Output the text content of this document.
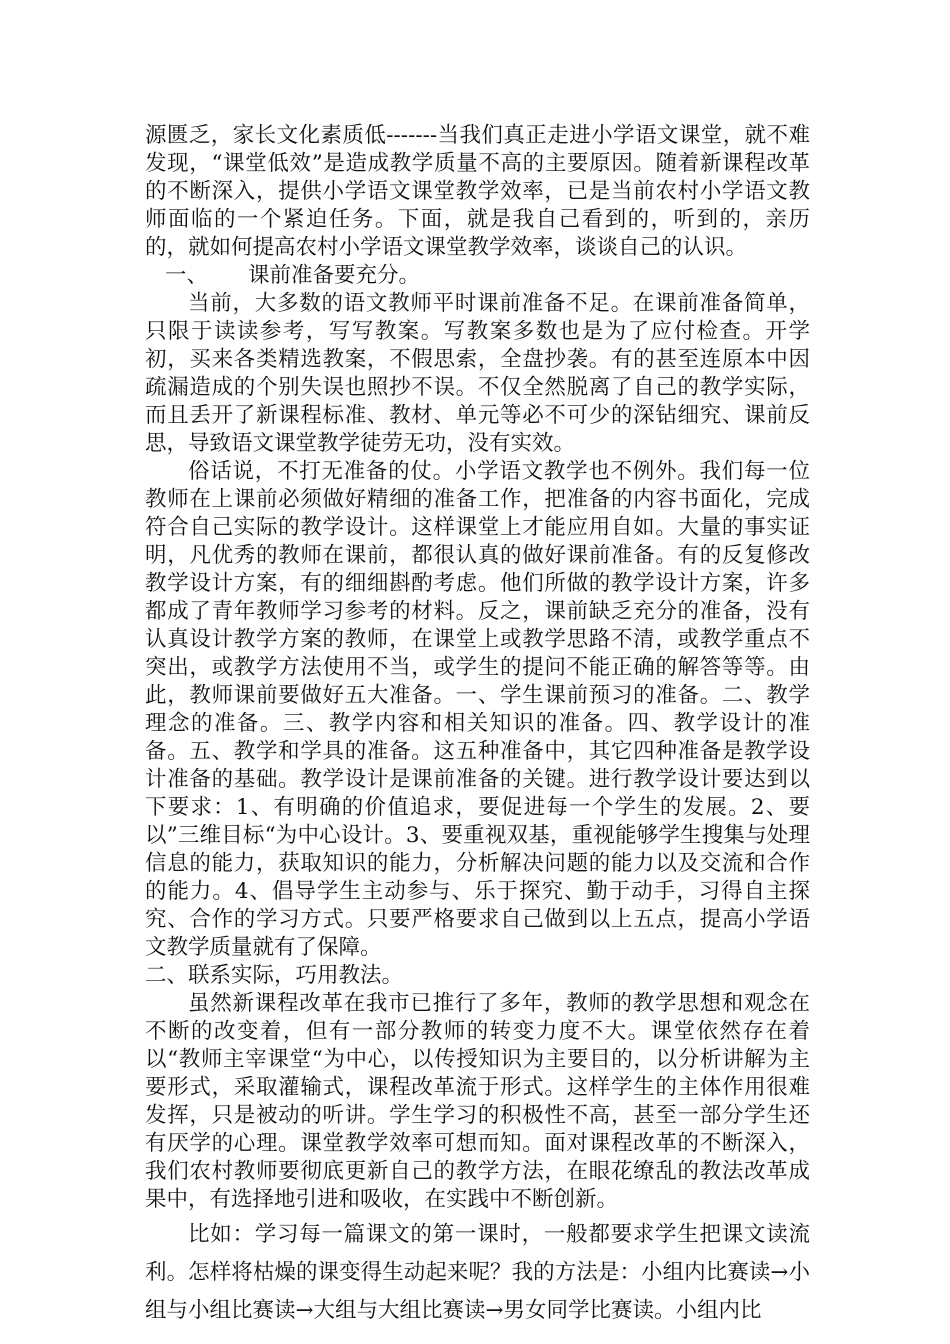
源匮乏，家长文化素质低-------当我们真正走进小学语文课堂，就不难发现，“课堂低效”是造成教学质量不高的主要原因。随着新课程改革的不断深入，提供小学语文课堂教学效率，已是当前农村小学语文教师面临的一个紧迫任务。下面，就是我自己看到的，听到的，亲历的，就如何提高农村小学语文课堂教学效率，谈谈自己的认识。

一、 课前准备要充分。

当前，大多数的语文教师平时课前准备不足。在课前准备简单，只限于读读参考，写写教案。写教案多数也是为了应付检查。开学初，买来各类精选教案，不假思索，全盘抄袭。有的甚至连原本中因疏漏造成的个别失误也照抄不误。不仅全然脱离了自己的教学实际，而且丢开了新课程标准、教材、单元等必不可少的深钻细究、课前反思，导致语文课堂教学徒劳无功，没有实效。

俗话说，不打无准备的仗。小学语文教学也不例外。我们每一位教师在上课前必须做好精细的准备工作，把准备的内容书面化，完成符合自己实际的教学设计。这样课堂上才能应用自如。大量的事实证明，凡优秀的教师在课前，都很认真的做好课前准备。有的反复修改教学设计方案，有的细细斟酌考虑。他们所做的教学设计方案，许多都成了青年教师学习参考的材料。反之，课前缺乏充分的准备，没有认真设计教学方案的教师，在课堂上或教学思路不清，或教学重点不突出，或教学方法使用不当，或学生的提问不能正确的解答等等。由此，教师课前要做好五大准备。一、学生课前预习的准备。二、教学理念的准备。三、教学内容和相关知识的准备。四、教学设计的准备。五、教学和学具的准备。这五种准备中，其它四种准备是教学设计准备的基础。教学设计是课前准备的关键。进行教学设计要达到以下要求：1、有明确的价值追求，要促进每一个学生的发展。2、要以”三维目标“为中心设计。3、要重视双基，重视能够学生搜集与处理信息的能力，获取知识的能力，分析解决问题的能力以及交流和合作的能力。4、倡导学生主动参与、乐于探究、勤于动手，习得自主探究、合作的学习方式。只要严格要求自己做到以上五点，提高小学语文教学质量就有了保障。

二、联系实际，巧用教法。

虽然新课程改革在我市已推行了多年，教师的教学思想和观念在不断的改变着，但有一部分教师的转变力度不大。课堂依然存在着以“教师主宰课堂“为中心，以传授知识为主要目的，以分析讲解为主要形式，采取灌输式，课程改革流于形式。这样学生的主体作用很难发挥，只是被动的听讲。学生学习的积极性不高，甚至一部分学生还有厌学的心理。课堂教学效率可想而知。面对课程改革的不断深入，我们农村教师要彻底更新自己的教学方法，在眼花缭乱的教法改革成果中，有选择地引进和吸收，在实践中不断创新。

比如：学习每一篇课文的第一课时，一般都要求学生把课文读流利。怎样将枯燥的课变得生动起来呢？我的方法是：小组内比赛读→小组与小组比赛读→大组与大组比赛读→男女同学比赛读。小组内比
